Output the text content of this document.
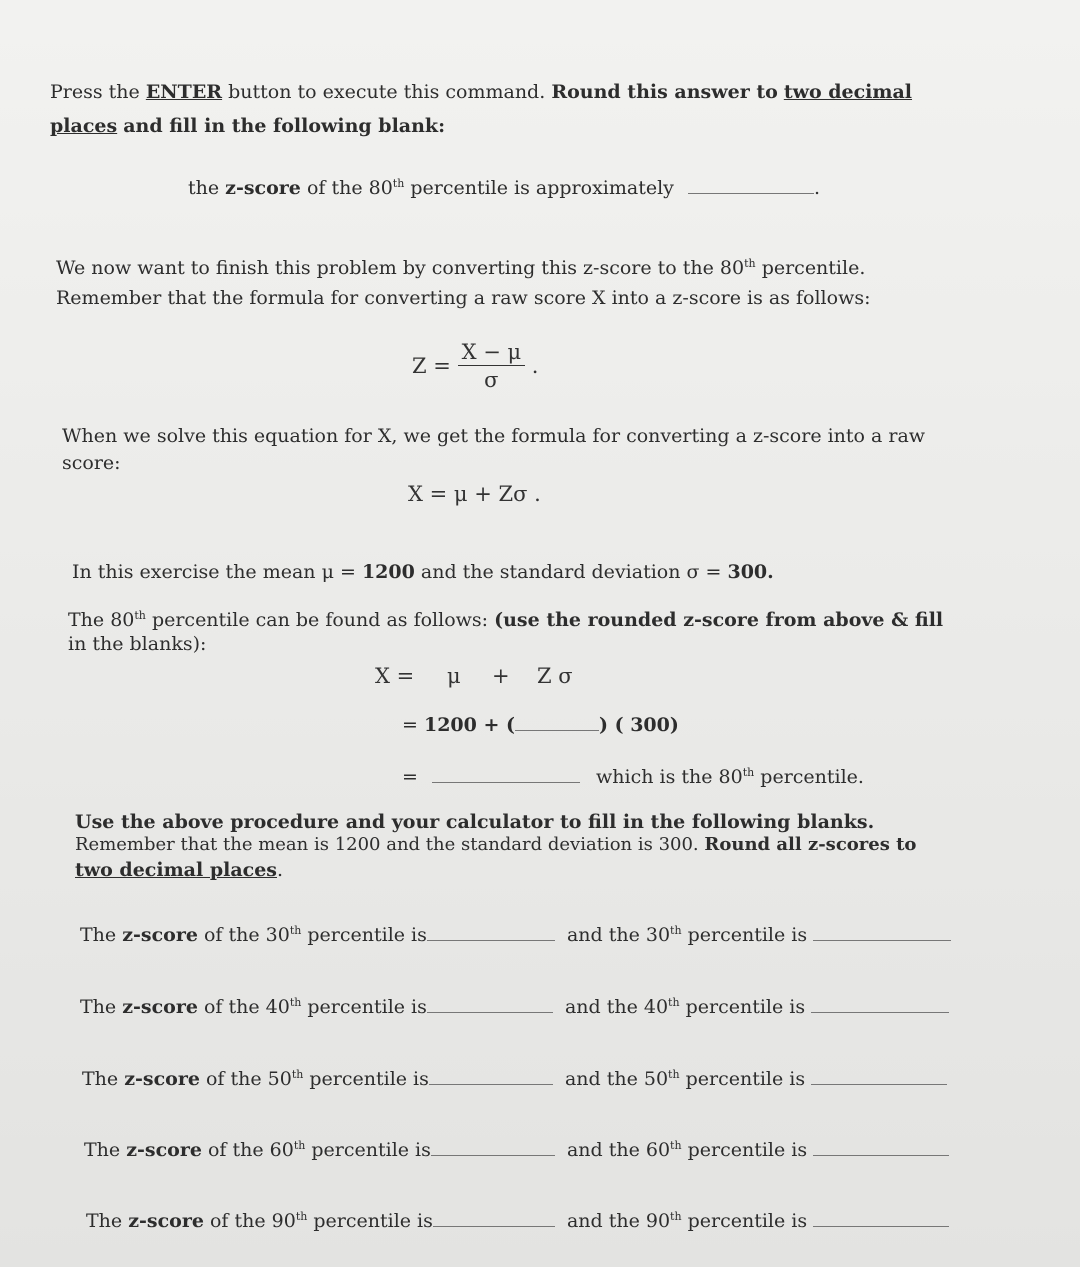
Press the ENTER button to execute this command. Round this answer to two decimal
places and fill in the following blank:
the z-score of the 80th percentile is approximately	.
We now want to finish this problem by converting this z-score to the 80th percentile.
Remember that the formula for converting a raw score X into a z-score is as follows:
$Z = \frac{X - \mu}{\sigma}$ .
When we solve this equation for X, we get the formula for converting a z-score into a raw
score:
X = μ + Zσ .
In this exercise the mean μ = 1200 and the standard deviation σ = 300.
The 80th percentile can be found as follows: (use the rounded z-score from above & fill
in the blanks):
X = μ + Z σ
= 1200 + (	) ( 300)
=	which is the 80th percentile.
Use the above procedure and your calculator to fill in the following blanks.
Remember that the mean is 1200 and the standard deviation is 300. Round all z-scores to
two decimal places.
The z-score of the 30th percentile is	and the 30th percentile is
The z-score of the 40th percentile is	and the 40th percentile is
The z-score of the 50th percentile is	and the 50th percentile is
The z-score of the 60th percentile is	and the 60th percentile is
The z-score of the 90th percentile is	and the 90th percentile is
